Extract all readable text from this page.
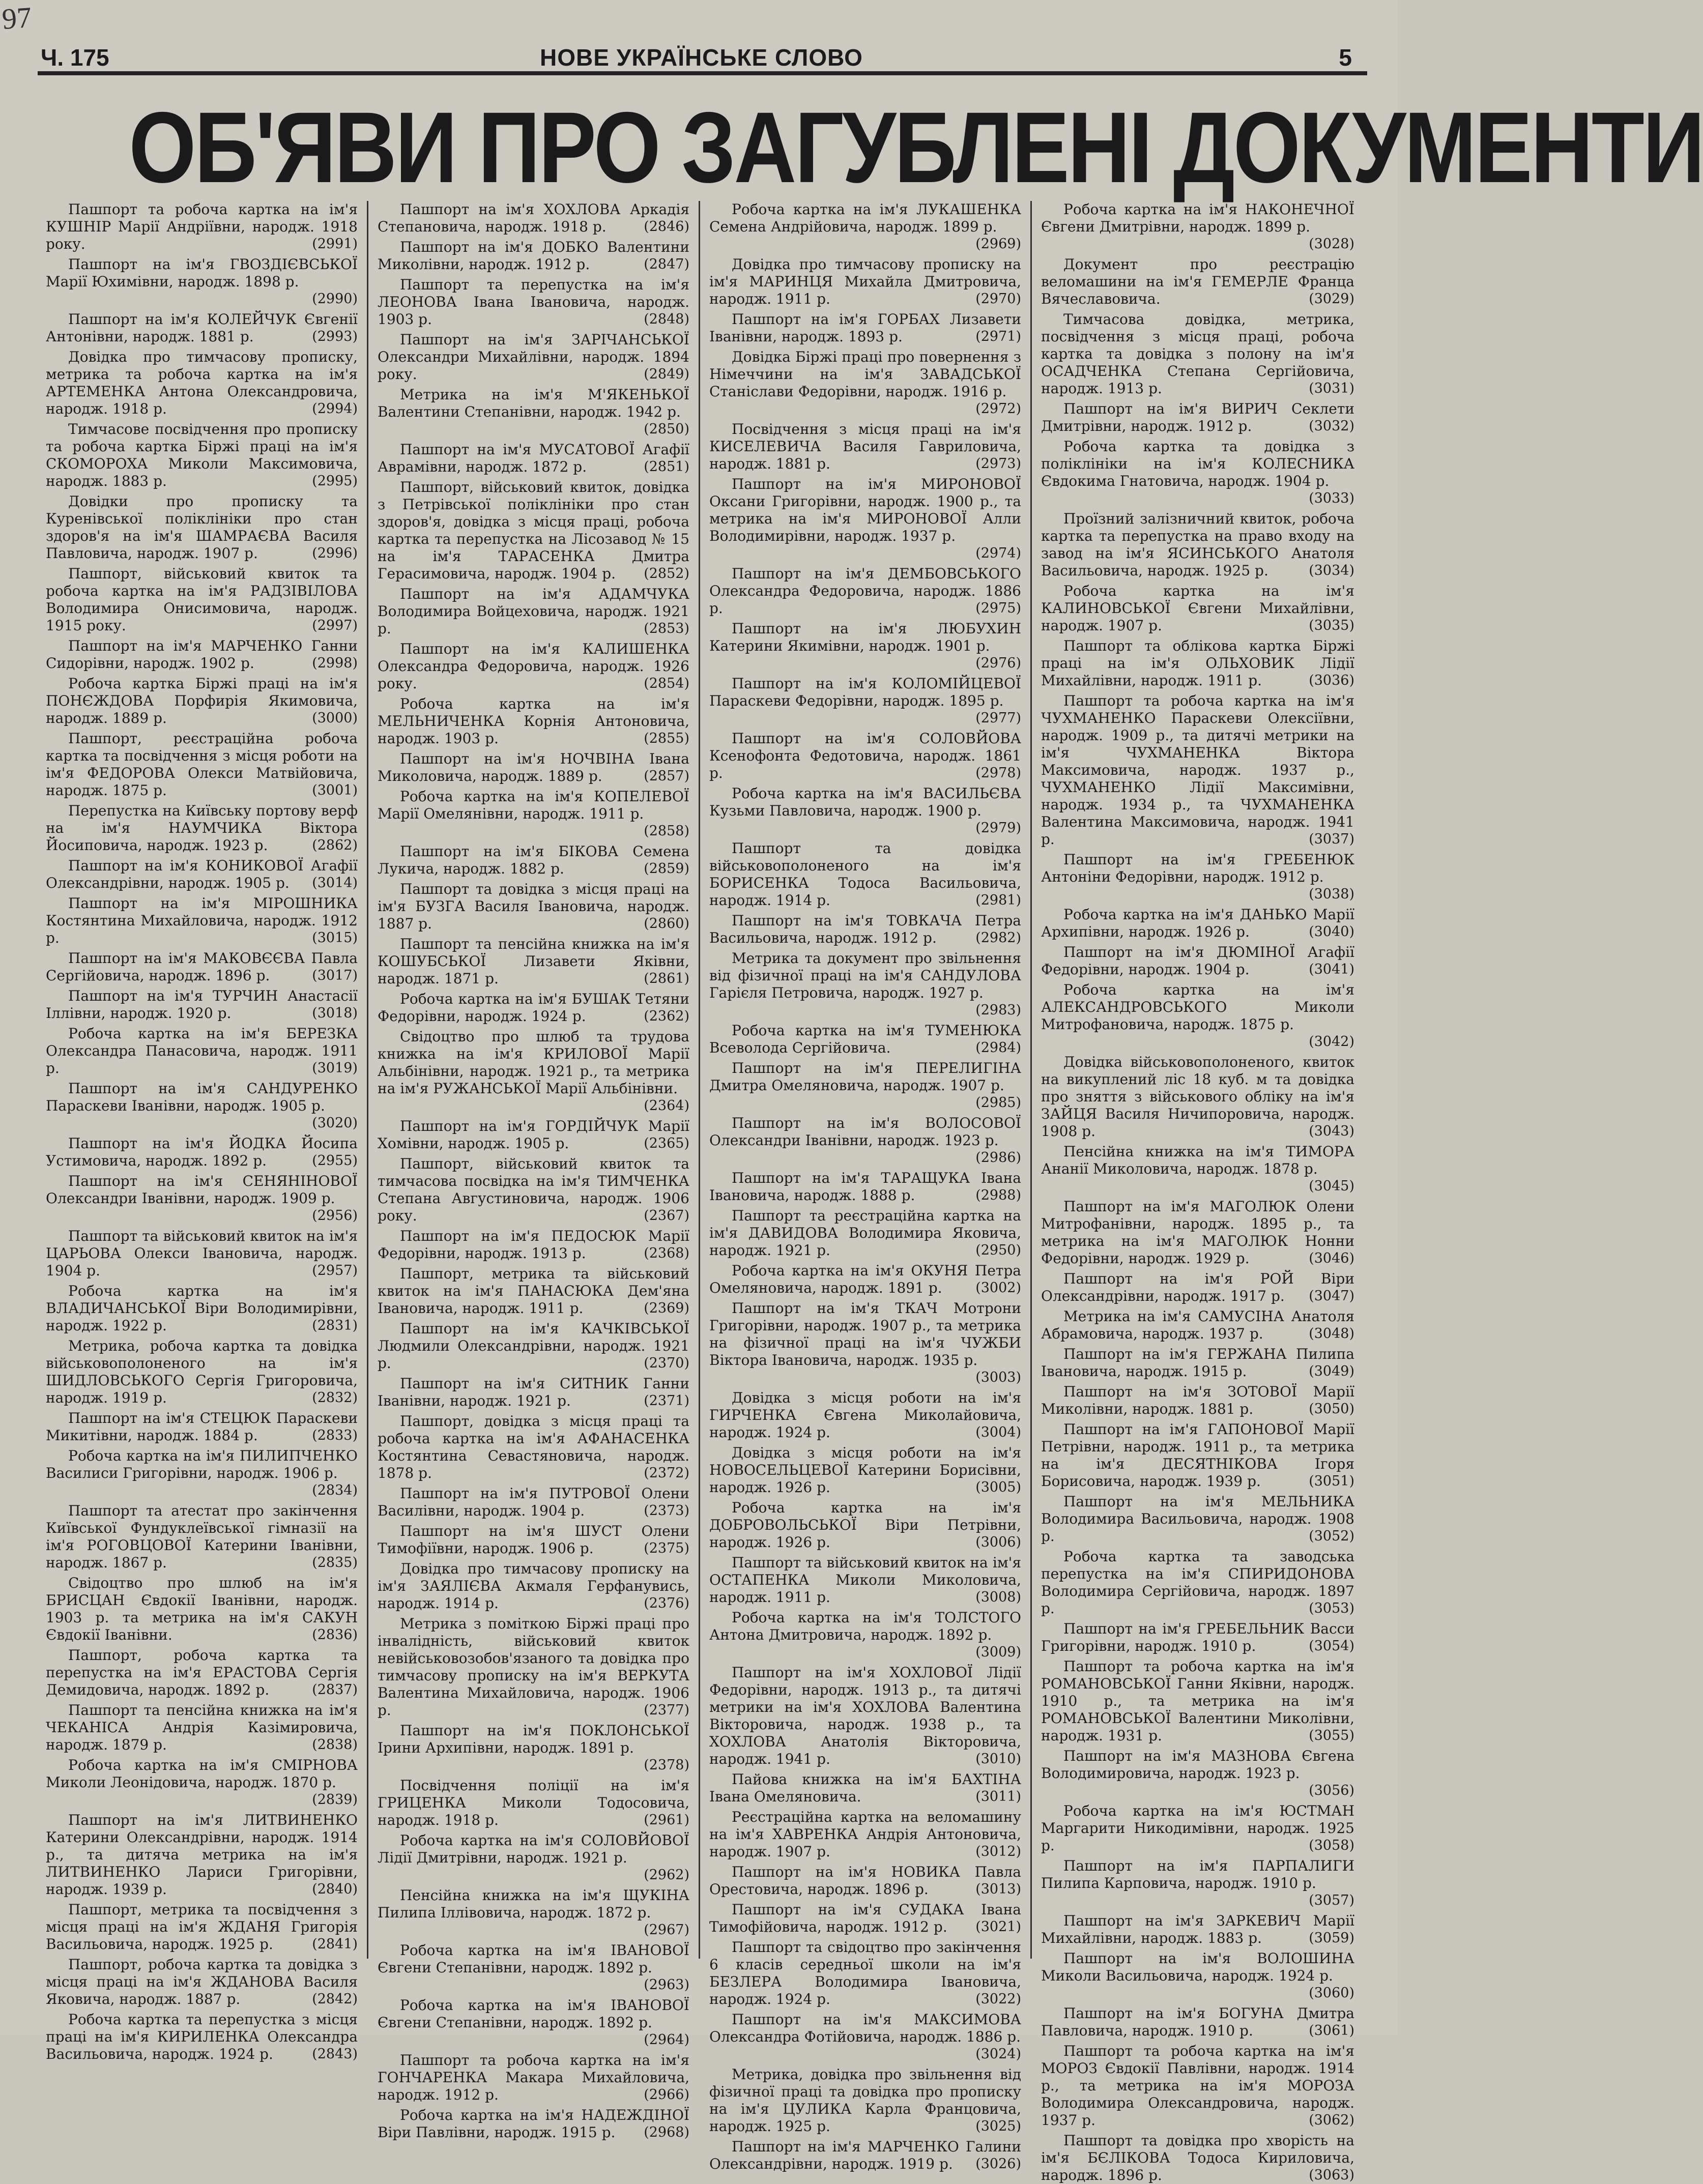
97
Ч. 175	НОВЕ УКРАЇНСЬКЕ СЛОВО	5
ОБ'ЯВИ ПРО ЗАГУБЛЕНІ ДОКУМЕНТИ

Пашпорт та робоча картка на ім'я КУШНІР Марії Андріївни, народж. 1918 року.	(2991)

Пашпорт на ім'я ГВОЗДІЄВСЬКОЇ Марії Юхимівни, народж. 1898 р.
(2990)

Пашпорт на ім'я КОЛЕЙЧУК Євгенії Антонівни, народж. 1881 р.	(2993)

Довідка про тимчасову прописку, метрика та робоча картка на ім'я АРТЕМЕНКА Антона Олександровича, народж. 1918 р.	(2994)

Тимчасове посвідчення про прописку та робоча картка Біржі праці на ім'я СКОМОРОХА Миколи Максимовича, народж. 1883 р.	(2995)

Довідки про прописку та Куренівської поліклініки про стан здоров'я на ім'я ШАМРАЄВА Василя Павловича, народж. 1907 р.	(2996)

Пашпорт, військовий квиток та робоча картка на ім'я РАДЗІВІЛОВА Володимира Онисимовича, народж. 1915 року.	(2997)

Пашпорт на ім'я МАРЧЕНКО Ганни Сидорівни, народж. 1902 р.	(2998)

Робоча картка Біржі праці на ім'я ПОНЄЖДОВА Порфирія Якимовича, народж. 1889 р.	(3000)

Пашпорт, реєстраційна робоча картка та посвідчення з місця роботи на ім'я ФЕДОРОВА Олекси Матвійовича, народж. 1875 р.	(3001)

Перепустка на Київську портову верф на ім'я НАУМЧИКА Віктора Йосиповича, народж. 1923 р.	(2862)

Пашпорт на ім'я КОНИКОВОЇ Агафії Олександрівни, народж. 1905 р.	(3014)

Пашпорт на ім'я МІРОШНИКА Костянтина Михайловича, народж. 1912 р.	(3015)

Пашпорт на ім'я МАКОВЄЄВА Павла Сергійовича, народж. 1896 р.	(3017)

Пашпорт на ім'я ТУРЧИН Анастасії Іллівни, народж. 1920 р.	(3018)

Робоча картка на ім'я БЕРЕЗКА Олександра Панасовича, народж. 1911 р.	(3019)

Пашпорт на ім'я САНДУРЕНКО Параскеви Іванівни, народж. 1905 р.
(3020)

Пашпорт на ім'я ЙОДКА Йосипа Устимовича, народж. 1892 р.	(2955)

Пашпорт на ім'я СЕНЯНІНОВОЇ Олександри Іванівни, народж. 1909 р.
(2956)

Пашпорт та військовий квиток на ім'я ЦАРЬОВА Олекси Івановича, народж. 1904 р.	(2957)

Робоча картка на ім'я ВЛАДИЧАНСЬКОЇ Віри Володимирівни, народж. 1922 р.	(2831)

Метрика, робоча картка та довідка військовополоненого на ім'я ШИДЛОВСЬКОГО Сергія Григоровича, народж. 1919 р.	(2832)

Пашпорт на ім'я СТЕЦЮК Параскеви Микитівни, народж. 1884 р.	(2833)

Робоча картка на ім'я ПИЛИПЧЕНКО Василиси Григорівни, народж. 1906 р.
(2834)

Пашпорт та атестат про закінчення Київської Фундуклеївської гімназії на ім'я РОГОВЦОВОЇ Катерини Іванівни, народж. 1867 р.	(2835)

Свідоцтво про шлюб на ім'я БРИСЦАН Євдокії Іванівни, народж. 1903 р. та метрика на ім'я САКУН Євдокії Іванівни.	(2836)

Пашпорт, робоча картка та перепустка на ім'я ЕРАСТОВА Сергія Демидовича, народж. 1892 р.	(2837)

Пашпорт та пенсійна книжка на ім'я ЧЕКАНІСА Андрія Казімировича, народж. 1879 р.	(2838)

Робоча картка на ім'я СМІРНОВА Миколи Леонідовича, народж. 1870 р.
(2839)

Пашпорт на ім'я ЛИТВИНЕНКО Катерини Олександрівни, народж. 1914 р., та дитяча метрика на ім'я ЛИТВИНЕНКО Лариси Григорівни, народж. 1939 р.	(2840)

Пашпорт, метрика та посвідчення з місця праці на ім'я ЖДАНЯ Григорія Васильовича, народж. 1925 р.	(2841)

Пашпорт, робоча картка та довідка з місця праці на ім'я ЖДАНОВА Василя Яковича, народж. 1887 р.	(2842)

Робоча картка та перепустка з місця праці на ім'я КИРИЛЕНКА Олександра Васильовича, народж. 1924 р.	(2843)

Пашпорт на ім'я ХОХЛОВА Аркадія Степановича, народж. 1918 р.	(2846)

Пашпорт на ім'я ДОБКО Валентини Миколівни, народж. 1912 р.	(2847)

Пашпорт та перепустка на ім'я ЛЕОНОВА Івана Івановича, народж. 1903 р.	(2848)

Пашпорт на ім'я ЗАРІЧАНСЬКОЇ Олександри Михайлівни, народж. 1894 року.	(2849)

Метрика на ім'я М'ЯКЕНЬКОЇ Валентини Степанівни, народж. 1942 р.
(2850)

Пашпорт на ім'я МУСАТОВОЇ Агафії Аврамівни, народж. 1872 р.	(2851)

Пашпорт, військовий квиток, довідка з Петрівської поліклініки про стан здоров'я, довідка з місця праці, робоча картка та перепустка на Лісозавод № 15 на ім'я ТАРАСЕНКА Дмитра Герасимовича, народж. 1904 р.	(2852)

Пашпорт на ім'я АДАМЧУКА Володимира Войцеховича, народж. 1921 р.	(2853)

Пашпорт на ім'я КАЛИШЕНКА Олександра Федоровича, народж. 1926 року.	(2854)

Робоча картка на ім'я МЕЛЬНИЧЕНКА Корнія Антоновича, народж. 1903 р.	(2855)

Пашпорт на ім'я НОЧВІНА Івана Миколовича, народж. 1889 р.	(2857)

Робоча картка на ім'я КОПЕЛЕВОЇ Марії Омелянівни, народж. 1911 р.
(2858)

Пашпорт на ім'я БІКОВА Семена Лукича, народж. 1882 р.	(2859)

Пашпорт та довідка з місця праці на ім'я БУЗГА Василя Івановича, народж. 1887 р.	(2860)

Пашпорт та пенсійна книжка на ім'я КОШУБСЬКОЇ Лизавети Яківни, народж. 1871 р.	(2861)

Робоча картка на ім'я БУШАК Тетяни Федорівни, народж. 1924 р.	(2362)

Свідоцтво про шлюб та трудова книжка на ім'я КРИЛОВОЇ Марії Альбінівни, народж. 1921 р., та метрика на ім'я РУЖАНСЬКОЇ Марії Альбінівни.
(2364)

Пашпорт на ім'я ГОРДІЙЧУК Марії Хомівни, народж. 1905 р.	(2365)

Пашпорт, військовий квиток та тимчасова посвідка на ім'я ТИМЧЕНКА Степана Августиновича, народж. 1906 року.	(2367)

Пашпорт на ім'я ПЕДОСЮК Марії Федорівни, народж. 1913 р.	(2368)

Пашпорт, метрика та військовий квиток на ім'я ПАНАСЮКА Дем'яна Івановича, народж. 1911 р.	(2369)

Пашпорт на ім'я КАЧКІВСЬКОЇ Людмили Олександрівни, народж. 1921 р.	(2370)

Пашпорт на ім'я СИТНИК Ганни Іванівни, народж. 1921 р.	(2371)

Пашпорт, довідка з місця праці та робоча картка на ім'я АФАНАСЕНКА Костянтина Севастяновича, народж. 1878 р.	(2372)

Пашпорт на ім'я ПУТРОВОЇ Олени Василівни, народж. 1904 р.	(2373)

Пашпорт на ім'я ШУСТ Олени Тимофіївни, народж. 1906 р.	(2375)

Довідка про тимчасову прописку на ім'я ЗАЯЛІЄВА Акмаля Герфанувись, народж. 1914 р.	(2376)

Метрика з поміткою Біржі праці про інвалідність, військовий квиток невійськовозобов'язаного та довідка про тимчасову прописку на ім'я ВЕРКУТА Валентина Михайловича, народж. 1906 р.	(2377)

Пашпорт на ім'я ПОКЛОНСЬКОЇ Ірини Архипівни, народж. 1891 р.
(2378)

Посвідчення поліції на ім'я ГРИЦЕНКА Миколи Тодосовича, народж. 1918 р.	(2961)

Робоча картка на ім'я СОЛОВЙОВОЇ Лідії Дмитрівни, народж. 1921 р.
(2962)

Пенсійна книжка на ім'я ЩУКІНА Пилипа Іллівовича, народж. 1872 р.
(2967)

Робоча картка на ім'я ІВАНОВОЇ Євгени Степанівни, народж. 1892 р.
(2963)

Робоча картка на ім'я ІВАНОВОЇ Євгени Степанівни, народж. 1892 р.
(2964)

Пашпорт та робоча картка на ім'я ГОНЧАРЕНКА Макара Михайловича, народж. 1912 р.	(2966)

Робоча картка на ім'я НАДЕЖДІНОЇ Віри Павлівни, народж. 1915 р.	(2968)

Робоча картка на ім'я ЛУКАШЕНКА Семена Андрійовича, народж. 1899 р.
(2969)

Довідка про тимчасову прописку на ім'я МАРИНЦЯ Михайла Дмитровича, народж. 1911 р.	(2970)

Пашпорт на ім'я ГОРБАХ Лизавети Іванівни, народж. 1893 р.	(2971)

Довідка Біржі праці про повернення з Німеччини на ім'я ЗАВАДСЬКОЇ Станіслави Федорівни, народж. 1916 р.
(2972)

Посвідчення з місця праці на ім'я КИСЕЛЕВИЧА Василя Гавриловича, народж. 1881 р.	(2973)

Пашпорт на ім'я МИРОНОВОЇ Оксани Григорівни, народж. 1900 р., та метрика на ім'я МИРОНОВОЇ Алли Володимирівни, народж. 1937 р.
(2974)

Пашпорт на ім'я ДЕМБОВСЬКОГО Олександра Федоровича, народж. 1886 р.	(2975)

Пашпорт на ім'я ЛЮБУХИН Катерини Якимівни, народж. 1901 р.
(2976)

Пашпорт на ім'я КОЛОМІЙЦЕВОЇ Параскеви Федорівни, народж. 1895 р.
(2977)

Пашпорт на ім'я СОЛОВЙОВА Ксенофонта Федотовича, народж. 1861 р.	(2978)

Робоча картка на ім'я ВАСИЛЬЄВА Кузьми Павловича, народж. 1900 р.
(2979)

Пашпорт та довідка військовополоненого на ім'я БОРИСЕНКА Тодоса Васильовича, народж. 1914 р.	(2981)

Пашпорт на ім'я ТОВКАЧА Петра Васильовича, народж. 1912 р.	(2982)

Метрика та документ про звільнення від фізичної праці на ім'я САНДУЛОВА Гарієля Петровича, народж. 1927 р.
(2983)

Робоча картка на ім'я ТУМЕНЮКА Всеволода Сергійовича.	(2984)

Пашпорт на ім'я ПЕРЕЛИГІНА Дмитра Омеляновича, народж. 1907 р.
(2985)

Пашпорт на ім'я ВОЛОСОВОЇ Олександри Іванівни, народж. 1923 р.
(2986)

Пашпорт на ім'я ТАРАЩУКА Івана Івановича, народж. 1888 р.	(2988)

Пашпорт та реєстраційна картка на ім'я ДАВИДОВА Володимира Яковича, народж. 1921 р.	(2950)

Робоча картка на ім'я ОКУНЯ Петра Омеляновича, народж. 1891 р.	(3002)

Пашпорт на ім'я ТКАЧ Мотрони Григорівни, народж. 1907 р., та метрика на фізичної праці на ім'я ЧУЖБИ Віктора Івановича, народж. 1935 р.
(3003)

Довідка з місця роботи на ім'я ГИРЧЕНКА Євгена Миколайовича, народж. 1924 р.	(3004)

Довідка з місця роботи на ім'я НОВОСЕЛЬЦЕВОЇ Катерини Борисівни, народж. 1926 р.	(3005)

Робоча картка на ім'я ДОБРОВОЛЬСЬКОЇ Віри Петрівни, народж. 1926 р.	(3006)

Пашпорт та військовий квиток на ім'я ОСТАПЕНКА Миколи Миколовича, народж. 1911 р.	(3008)

Робоча картка на ім'я ТОЛСТОГО Антона Дмитровича, народж. 1892 р.
(3009)

Пашпорт на ім'я ХОХЛОВОЇ Лідії Федорівни, народж. 1913 р., та дитячі метрики на ім'я ХОХЛОВА Валентина Вікторовича, народж. 1938 р., та ХОХЛОВА Анатолія Вікторовича, народж. 1941 р.	(3010)

Пайова книжка на ім'я БАХТІНА Івана Омеляновича.	(3011)

Реєстраційна картка на веломашину на ім'я ХАВРЕНКА Андрія Антоновича, народж. 1907 р.	(3012)

Пашпорт на ім'я НОВИКА Павла Орестовича, народж. 1896 р.	(3013)

Пашпорт на ім'я СУДАКА Івана Тимофійовича, народж. 1912 р.	(3021)

Пашпорт та свідоцтво про закінчення 6 класів середньої школи на ім'я БЕЗЛЕРА Володимира Івановича, народж. 1924 р.	(3022)

Пашпорт на ім'я МАКСИМОВА Олександра Фотійовича, народж. 1886 р.
(3024)

Метрика, довідка про звільнення від фізичної праці та довідка про прописку на ім'я ЦУЛИКА Карла Францовича, народж. 1925 р.	(3025)

Пашпорт на ім'я МАРЧЕНКО Галини Олександрівни, народж. 1919 р.	(3026)

Робоча картка на ім'я НАКОНЕЧНОЇ Євгени Дмитрівни, народж. 1899 р.
(3028)

Документ про реєстрацію веломашини на ім'я ГЕМЕРЛЕ Франца Вячеславовича.	(3029)

Тимчасова довідка, метрика, посвідчення з місця праці, робоча картка та довідка з полону на ім'я ОСАДЧЕНКА Степана Сергійовича, народж. 1913 р.	(3031)

Пашпорт на ім'я ВИРИЧ Секлети Дмитрівни, народж. 1912 р.	(3032)

Робоча картка та довідка з поліклініки на ім'я КОЛЕСНИКА Євдокима Гнатовича, народж. 1904 р.
(3033)

Проїзний залізничний квиток, робоча картка та перепустка на право входу на завод на ім'я ЯСИНСЬКОГО Анатоля Васильовича, народж. 1925 р.	(3034)

Робоча картка на ім'я КАЛИНОВСЬКОЇ Євгени Михайлівни, народж. 1907 р.	(3035)

Пашпорт та облікова картка Біржі праці на ім'я ОЛЬХОВИК Лідії Михайлівни, народж. 1911 р.	(3036)

Пашпорт та робоча картка на ім'я ЧУХМАНЕНКО Параскеви Олексіївни, народж. 1909 р., та дитячі метрики на ім'я ЧУХМАНЕНКА Віктора Максимовича, народж. 1937 р., ЧУХМАНЕНКО Лідії Максимівни, народж. 1934 р., та ЧУХМАНЕНКА Валентина Максимовича, народж. 1941 р.	(3037)

Пашпорт на ім'я ГРЕБЕНЮК Антоніни Федорівни, народж. 1912 р.
(3038)

Робоча картка на ім'я ДАНЬКО Марії Архипівни, народж. 1926 р.	(3040)

Пашпорт на ім'я ДЮМІНОЇ Агафії Федорівни, народж. 1904 р.	(3041)

Робоча картка на ім'я АЛЕКСАНДРОВСЬКОГО Миколи Митрофановича, народж. 1875 р.
(3042)

Довідка військовополоненого, квиток на викуплений ліс 18 куб. м та довідка про зняття з військового обліку на ім'я ЗАЙЦЯ Василя Ничипоровича, народж. 1908 р.	(3043)

Пенсійна книжка на ім'я ТИМОРА Ананії Миколовича, народж. 1878 р.
(3045)

Пашпорт на ім'я МАГОЛЮК Олени Митрофанівни, народж. 1895 р., та метрика на ім'я МАГОЛЮК Нонни Федорівни, народж. 1929 р.	(3046)

Пашпорт на ім'я РОЙ Віри Олександрівни, народж. 1917 р.	(3047)

Метрика на ім'я САМУСІНА Анатоля Абрамовича, народж. 1937 р.	(3048)

Пашпорт на ім'я ГЕРЖАНА Пилипа Івановича, народж. 1915 р.	(3049)

Пашпорт на ім'я ЗОТОВОЇ Марії Миколівни, народж. 1881 р.	(3050)

Пашпорт на ім'я ГАПОНОВОЇ Марії Петрівни, народж. 1911 р., та метрика на ім'я ДЕСЯТНІКОВА Ігоря Борисовича, народж. 1939 р.	(3051)

Пашпорт на ім'я МЕЛЬНИКА Володимира Васильовича, народж. 1908 р.	(3052)

Робоча картка та заводська перепустка на ім'я СПИРИДОНОВА Володимира Сергійовича, народж. 1897 р.	(3053)

Пашпорт на ім'я ГРЕБЕЛЬНИК Васси Григорівни, народж. 1910 р.	(3054)

Пашпорт та робоча картка на ім'я РОМАНОВСЬКОЇ Ганни Яківни, народж. 1910 р., та метрика на ім'я РОМАНОВСЬКОЇ Валентини Миколівни, народж. 1931 р.	(3055)

Пашпорт на ім'я МАЗНОВА Євгена Володимировича, народж. 1923 р.
(3056)

Робоча картка на ім'я ЮСТМАН Маргарити Никодимівни, народж. 1925 р.	(3058)

Пашпорт на ім'я ПАРПАЛИГИ Пилипа Карповича, народж. 1910 р.
(3057)

Пашпорт на ім'я ЗАРКЕВИЧ Марії Михайлівни, народж. 1883 р.	(3059)

Пашпорт на ім'я ВОЛОШИНА Миколи Васильовича, народж. 1924 р.
(3060)

Пашпорт на ім'я БОГУНА Дмитра Павловича, народж. 1910 р.	(3061)

Пашпорт та робоча картка на ім'я МОРОЗ Євдокії Павлівни, народж. 1914 р., та метрика на ім'я МОРОЗА Володимира Олександровича, народж. 1937 р.	(3062)

Пашпорт та довідка про хворість на ім'я БЄЛІКОВА Тодоса Кириловича, народж. 1896 р.	(3063)
